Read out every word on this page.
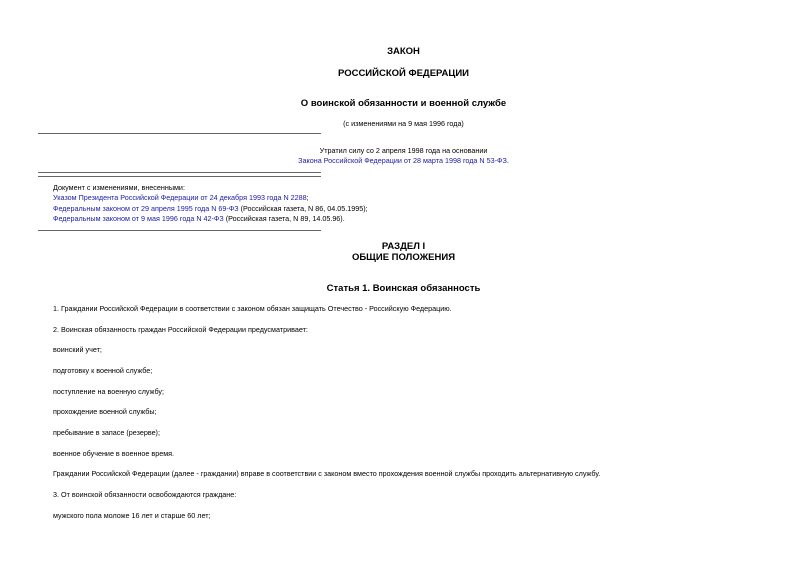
ЗАКОН
РОССИЙСКОЙ ФЕДЕРАЦИИ
О воинской обязанности и военной службе
(с изменениями на 9 мая 1996 года)
Утратил силу со 2 апреля 1998 года на основании
Закона Российской Федерации от 28 марта 1998 года N 53-ФЗ.
Документ с изменениями, внесенными:
Указом Президента Российской Федерации от 24 декабря 1993 года N 2288;
Федеральным законом от 29 апреля 1995 года N 69-ФЗ (Российская газета, N 86, 04.05.1995);
Федеральным законом от 9 мая 1996 года N 42-ФЗ (Российская газета, N 89, 14.05.96).
РАЗДЕЛ I
ОБЩИЕ ПОЛОЖЕНИЯ
Статья 1. Воинская обязанность
1. Граждании Российской Федерации в соответствии с законом обязан защищать Отечество - Российскую Федерацию.
2. Воинская обязанность граждан Российской Федерации предусматривает:
воинский учет;
подготовку к военной службе;
поступление на военную службу;
прохождение военной службы;
пребывание в запасе (резерве);
военное обучение в военное время.
Граждании Российской Федерации (далее - граждании) вправе в соответствии с законом вместо прохождения военной службы проходить альтернативную службу.
3. От воинской обязанности освобождаются граждане:
мужского пола моложе 16 лет и старше 60 лет;
